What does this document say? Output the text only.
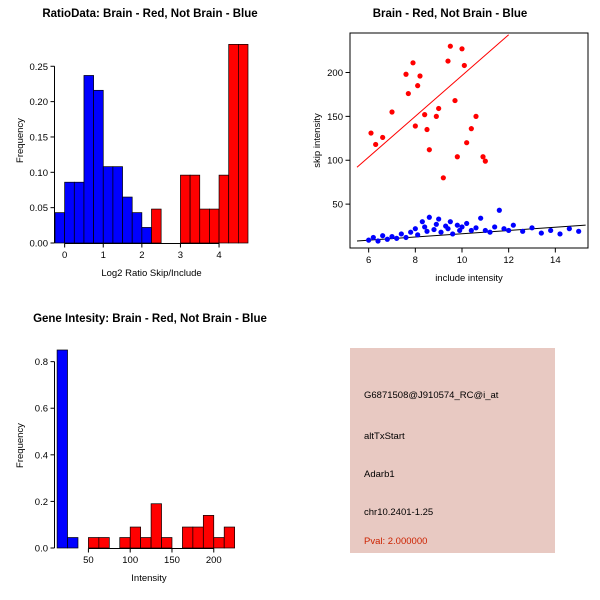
RatioData: Brain - Red, Not Brain - Blue
0.00
0.05
0.10
0.15
0.20
0.25
0	1	2	3	4
Log2 Ratio Skip/Include
Frequency
Brain - Red, Not Brain - Blue
6	8	10	12	14
50
100
150
200
include intensity
skip intensity
Gene Intesity: Brain - Red, Not Brain - Blue
0.0
0.2
0.4
0.6
0.8
50	100	150	200
Intensity
Frequency
G6871508@J910574_RC@i_at
altTxStart
Adarb1
chr10.2401-1.25
Pval: 2.000000
